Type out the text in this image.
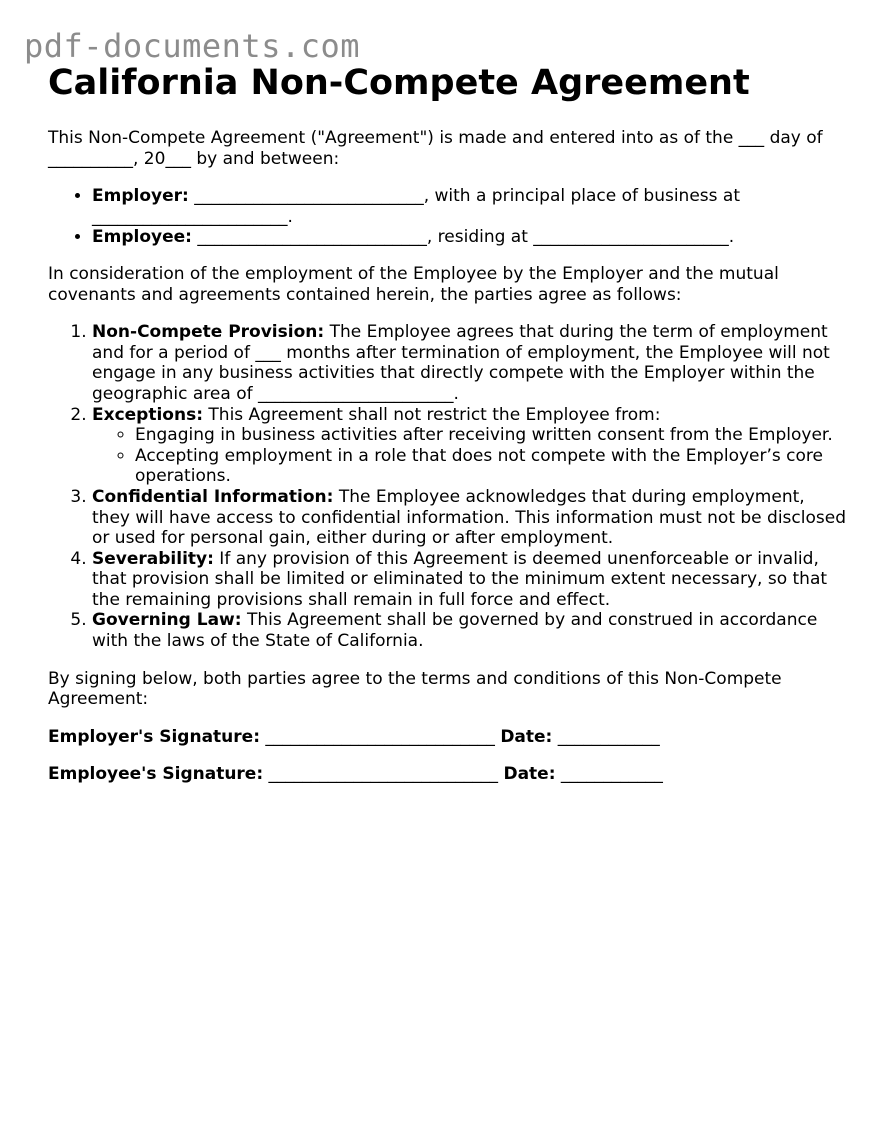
pdf-documents.com
California Non-Compete Agreement

This Non-Compete Agreement ("Agreement") is made and entered into as of the ___ day of __________, 20___ by and between:

• Employer: ___________________________, with a principal place of business at _______________________.
• Employee: ___________________________, residing at _______________________.

In consideration of the employment of the Employee by the Employer and the mutual covenants and agreements contained herein, the parties agree as follows:

1. Non-Compete Provision: The Employee agrees that during the term of employment and for a period of ___ months after termination of employment, the Employee will not engage in any business activities that directly compete with the Employer within the geographic area of _______________________.
2. Exceptions: This Agreement shall not restrict the Employee from:
◦ Engaging in business activities after receiving written consent from the Employer.
◦ Accepting employment in a role that does not compete with the Employer’s core operations.
3. Confidential Information: The Employee acknowledges that during employment, they will have access to confidential information. This information must not be disclosed or used for personal gain, either during or after employment.
4. Severability: If any provision of this Agreement is deemed unenforceable or invalid, that provision shall be limited or eliminated to the minimum extent necessary, so that the remaining provisions shall remain in full force and effect.
5. Governing Law: This Agreement shall be governed by and construed in accordance with the laws of the State of California.

By signing below, both parties agree to the terms and conditions of this Non-Compete Agreement:

Employer's Signature: ___________________________ Date: ____________

Employee's Signature: ___________________________ Date: ____________
